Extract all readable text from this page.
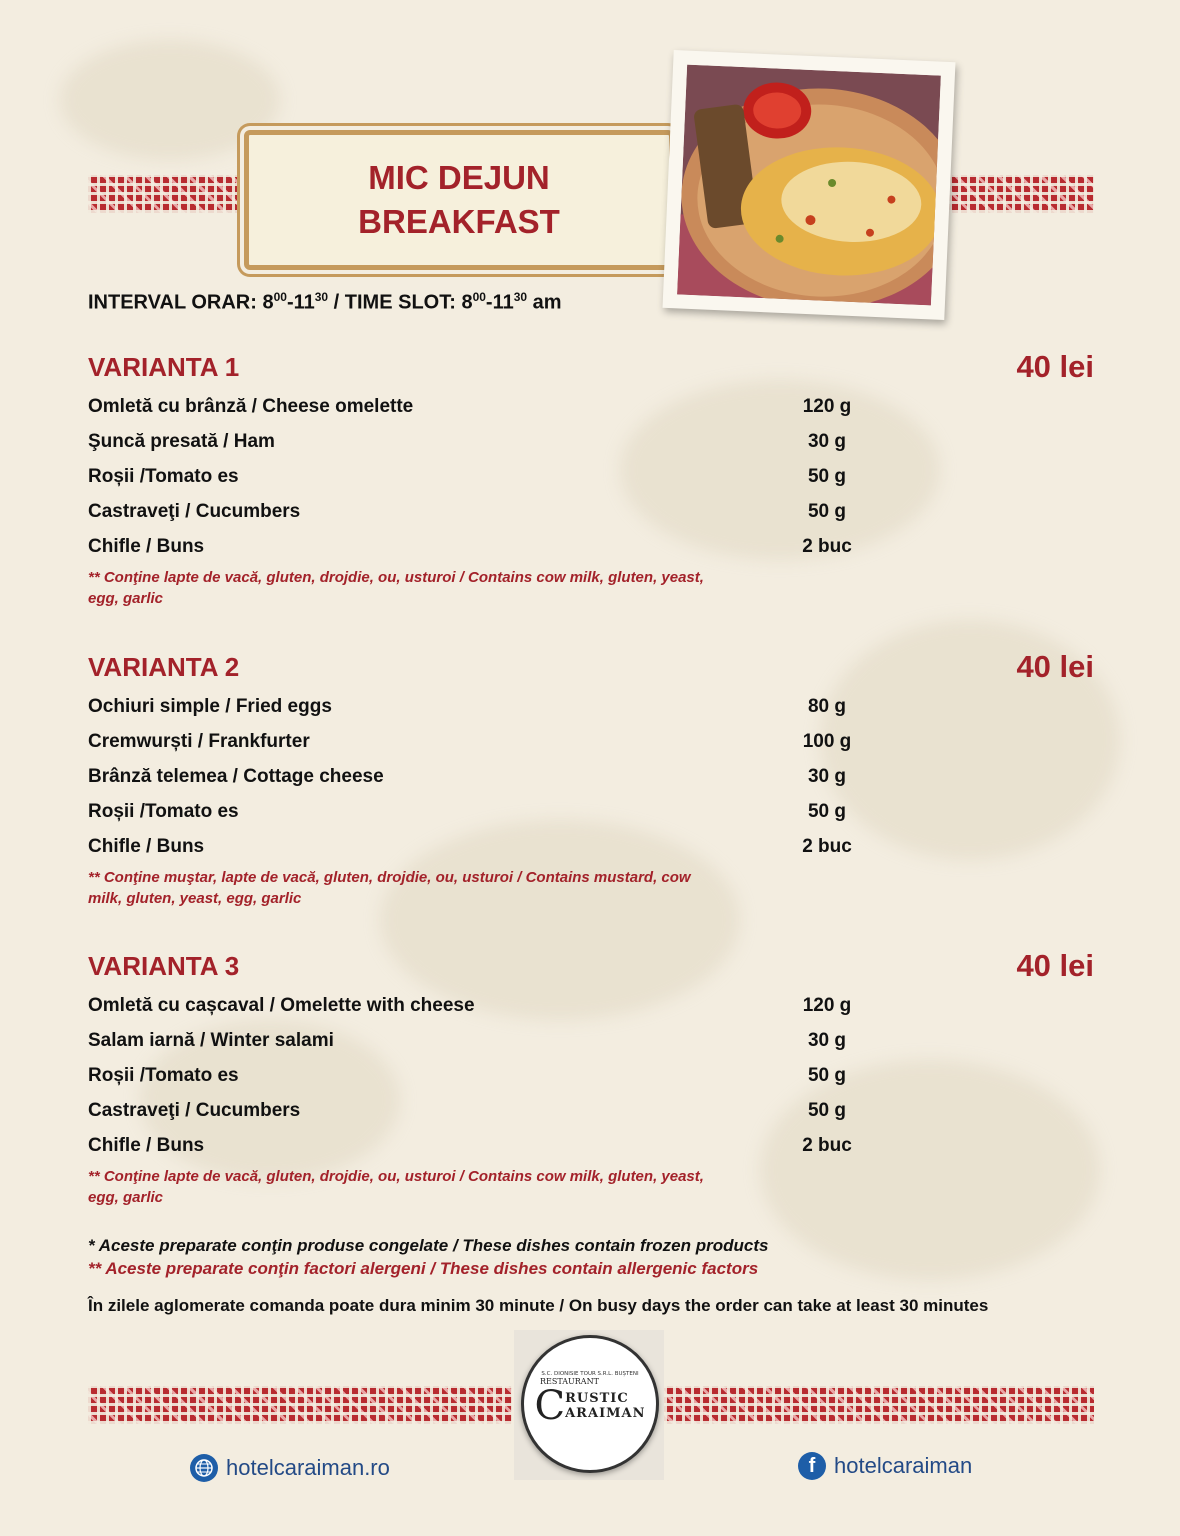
MIC DEJUN
BREAKFAST
INTERVAL ORAR: $8^{00}-11^{30}$ / TIME SLOT: $8^{00}-11^{30}$ am
VARIANTA 1	40 lei
Omletă cu brânză / Cheese omelette	120 g
Şuncă presată / Ham	30 g
Roșii /Tomato es	50 g
Castraveţi / Cucumbers	50 g
Chifle / Buns	2 buc
** Conţine lapte de vacă, gluten, drojdie, ou, usturoi / Contains cow milk, gluten, yeast, egg, garlic
VARIANTA 2	40 lei
Ochiuri simple / Fried eggs	80 g
Cremwurști / Frankfurter	100 g
Brânză telemea / Cottage cheese	30 g
Roșii /Tomato es	50 g
Chifle / Buns	2 buc
** Conţine muştar, lapte de vacă, gluten, drojdie, ou, usturoi / Contains mustard, cow milk, gluten, yeast, egg, garlic
VARIANTA 3	40 lei
Omletă cu cașcaval / Omelette with cheese	120 g
Salam iarnă / Winter salami	30 g
Roșii /Tomato es	50 g
Castraveţi / Cucumbers	50 g
Chifle / Buns	2 buc
** Conţine lapte de vacă, gluten, drojdie, ou, usturoi / Contains cow milk, gluten, yeast, egg, garlic
* Aceste preparate conţin produse congelate / These dishes contain frozen products
** Aceste preparate conţin factori alergeni / These dishes contain allergenic factors
În zilele aglomerate comanda poate dura minim 30 minute / On busy days the order can take at least 30 minutes
S.C. DIONISIE TOUR S.R.L. BUȘTENI
RESTAURANT
C RUSTIC
ARAIMAN
hotelcaraiman.ro	f hotelcaraiman
